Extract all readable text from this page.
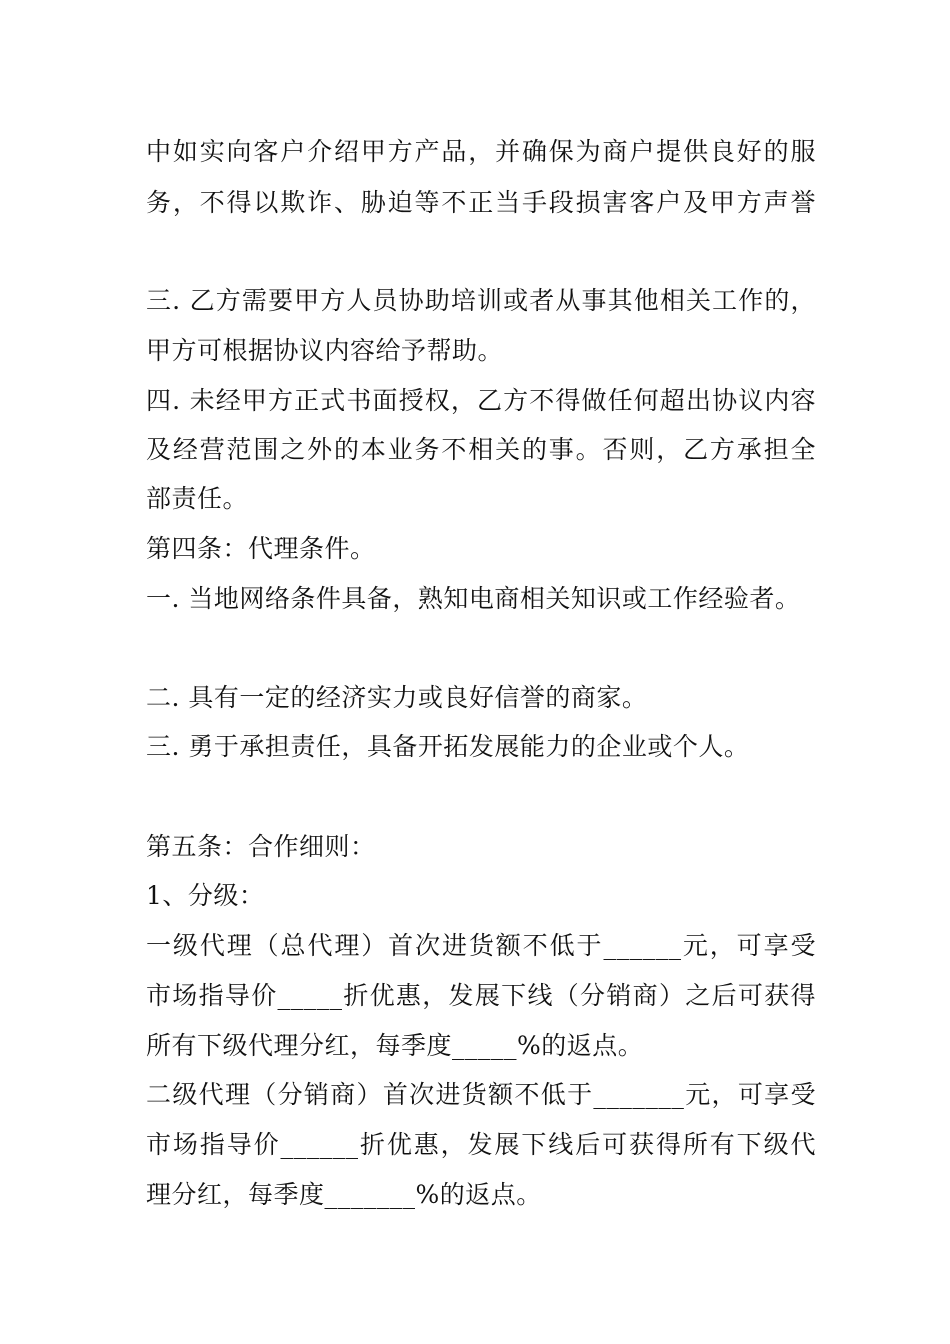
中如实向客户介绍甲方产品，并确保为商户提供良好的服
务，不得以欺诈、胁迫等不正当手段损害客户及甲方声誉
三. 乙方需要甲方人员协助培训或者从事其他相关工作的，
甲方可根据协议内容给予帮助。
四. 未经甲方正式书面授权，乙方不得做任何超出协议内容
及经营范围之外的本业务不相关的事。否则，乙方承担全
部责任。
第四条：代理条件。
一. 当地网络条件具备，熟知电商相关知识或工作经验者。
二. 具有一定的经济实力或良好信誉的商家。
三. 勇于承担责任，具备开拓发展能力的企业或个人。
第五条：合作细则：
1、分级：
一级代理（总代理）首次进货额不低于______元，可享受
市场指导价_____折优惠，发展下线（分销商）之后可获得
所有下级代理分红，每季度_____%的返点。
二级代理（分销商）首次进货额不低于_______元，可享受
市场指导价______折优惠，发展下线后可获得所有下级代
理分红，每季度_______%的返点。
